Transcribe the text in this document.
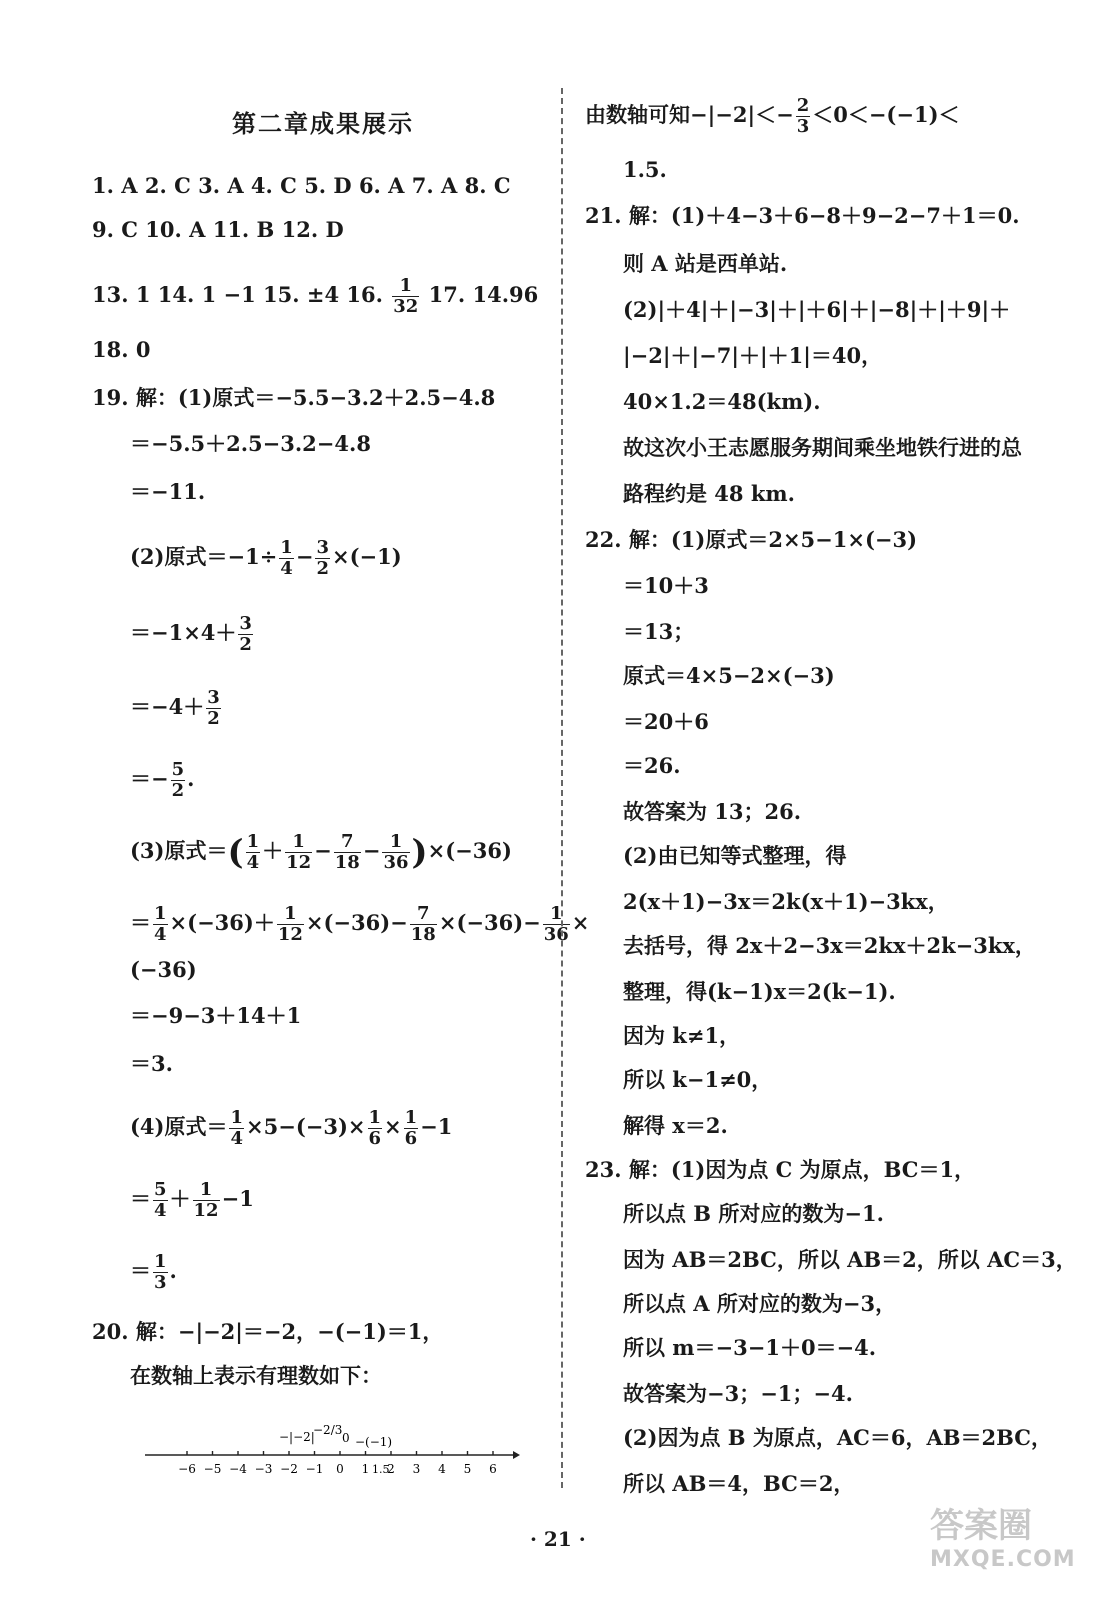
第二章成果展示
1. A 2. C 3. A 4. C 5. D 6. A 7. A 8. C
9. C 10. A 11. B 12. D
13. 1 14. 1 −1 15. ±4 16. $\frac{1}{32} 17$. 14.96
18. 0
19. 解：(1)原式＝−5.5−3.2＋2.5−4.8
＝−5.5＋2.5−3.2−4.8
＝−11.
(2)原式$=-1\div \frac{1}{4} - \frac{3}{2} \times(-1)$
$=-1\times 4+ \frac{3}{2}$
$=-4+ \frac{3}{2}$
＝− $\frac{5}{2}$ .
(3)原式＝( $\frac{1}{4} + \frac{1}{12} - \frac{7}{18} - \frac{1}{36} )\times(-36)$
＝ $\frac{1}{4} \times(-36)+ \frac{1}{12} \times(-36)- \frac{7}{18} \times(-36)- \frac{1}{36}$ ×
(−36)
＝−9−3＋14＋1
＝3.
(4)原式＝ $\frac{1}{4} \times 5-(-3)\times \frac{1}{6} \times \frac{1}{6} -1$
＝ $\frac{5}{4} + \frac{1}{12} -1$
＝ $\frac{1}{3}$ .
20. 解：−|−2|＝−2，−(−1)＝1，
在数轴上表示有理数如下：
−6 −5 −4 −3 −2 −1 0 1 2 3 4 5 6
−|−2|
−2/3
0 −(−1)
1.5
由数轴可知$-|-2|<- \frac{2}{3} <0<-(-1)<$
1.5.
21. 解：(1)＋4−3＋6−8＋9−2−7＋1＝0.
则 A 站是西单站.
(2)|＋4|＋|−3|＋|＋6|＋|−8|＋|＋9|＋
|−2|＋|−7|＋|＋1|＝40，
40×1.2＝48(km).
故这次小王志愿服务期间乘坐地铁行进的总
路程约是 48 km.
22. 解：(1)原式＝2×5−1×(−3)
＝10＋3
＝13；
原式＝4×5−2×(−3)
＝20＋6
＝26.
故答案为 13；26.
(2)由已知等式整理，得
2(x＋1)−3x＝2k(x＋1)−3kx，
去括号，得 2x＋2−3x＝2kx＋2k−3kx，
整理，得(k−1)x＝2(k−1).
因为 k≠1，
所以 k−1≠0，
解得 x＝2.
23. 解：(1)因为点 C 为原点，BC＝1，
所以点 B 所对应的数为−1.
因为 AB＝2BC，所以 AB＝2，所以 AC＝3，
所以点 A 所对应的数为−3，
所以 m＝−3−1＋0＝−4.
故答案为−3；−1；−4.
(2)因为点 B 为原点，AC＝6，AB＝2BC，
所以 AB＝4，BC＝2，
· 21 ·	答案圈
MXQE.COM
